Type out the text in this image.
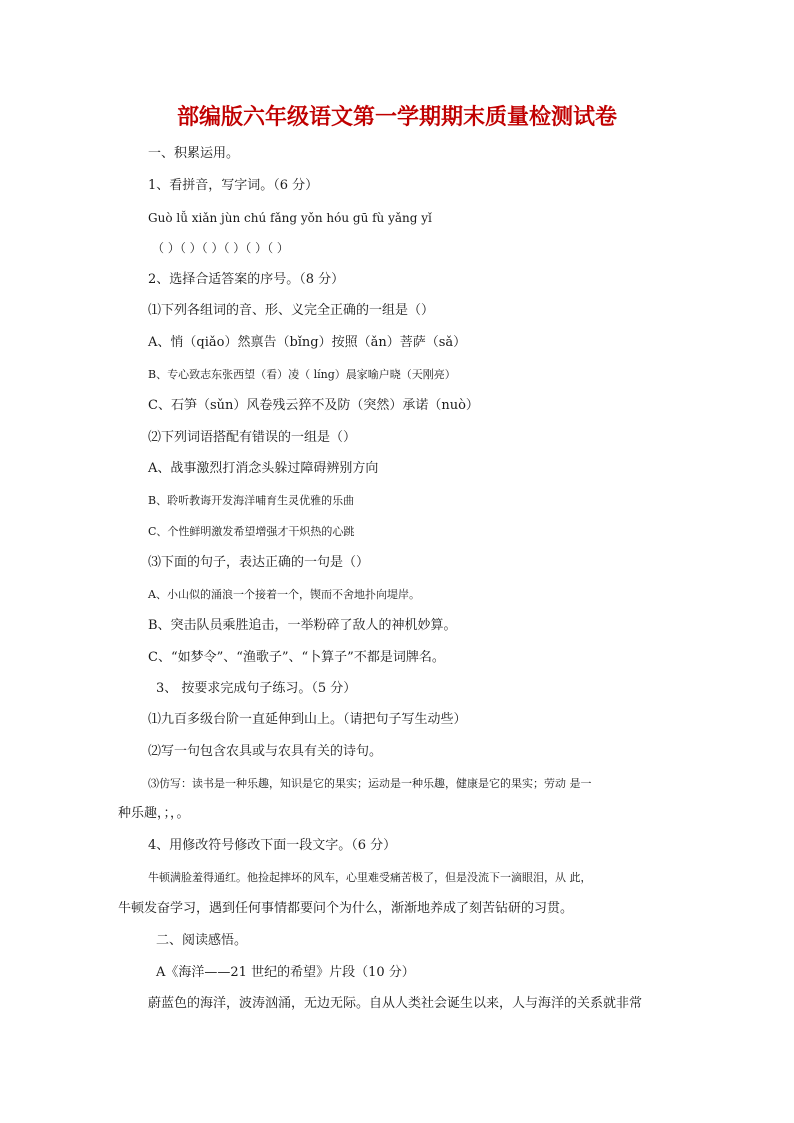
部编版六年级语文第一学期期末质量检测试卷
一、积累运用。
1、看拼音，写字词。（6 分）
Guò lǚ xiǎn jùn chú fǎng yǒn hóu gū fù yǎng yǐ
（ ）（ ）（ ）（ ）（ ）（ ）
2、选择合适答案的序号。（8 分）
⑴下列各组词的音、形、义完全正确的一组是（）
A、悄（qiǎo）然禀告（bǐng）按照（ǎn）菩萨（sǎ）
B、专心致志东张西望（看）凌（ líng）晨家喻户晓（天刚亮）
C、石笋（sǔn）风卷残云猝不及防（突然）承诺（nuò）
⑵下列词语搭配有错误的一组是（）
A、战事激烈打消念头躲过障碍辨别方向
B、聆听教诲开发海洋哺育生灵优雅的乐曲
C、个性鲜明激发希望增强才干炽热的心跳
⑶下面的句子，表达正确的一句是（）
A、小山似的涌浪一个接着一个，锲而不舍地扑向堤岸。
B、突击队员乘胜追击，一举粉碎了敌人的神机妙算。
C、“如梦令”、“渔歌子”、“卜算子”不都是词牌名。
3、 按要求完成句子练习。（5 分）
⑴九百多级台阶一直延伸到山上。（请把句子写生动些）
⑵写一句包含农具或与农具有关的诗句。
⑶仿写：读书是一种乐趣，知识是它的果实；运动是一种乐趣，健康是它的果实；劳动 是一
种乐趣，；，。
4、用修改符号修改下面一段文字。（6 分）
牛顿满脸羞得通红。他捡起摔坏的风车，心里难受痛苦极了，但是没流下一滴眼泪，从 此，
牛顿发奋学习，遇到任何事情都要问个为什么，渐渐地养成了刻苦钻研的习贯。
二、阅读感悟。
A《海洋——21 世纪的希望》片段（10 分）
蔚蓝色的海洋，波涛汹涌，无边无际。自从人类社会诞生以来，人与海洋的关系就非常
